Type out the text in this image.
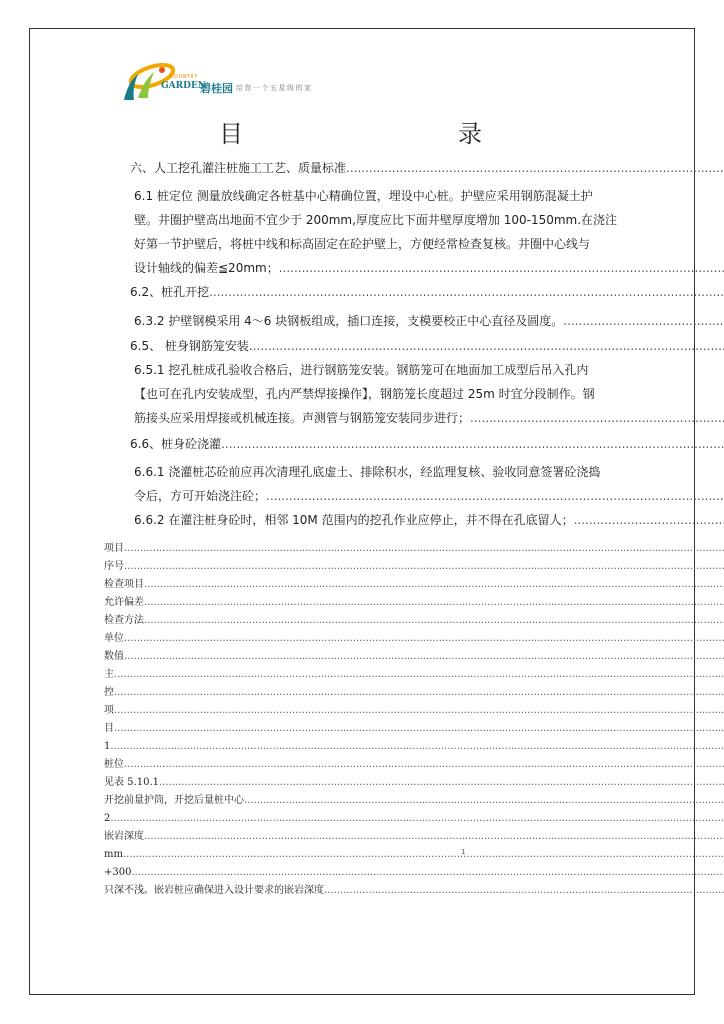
COUNTRY
GARDEN
碧桂园 给您一个五星级的家
目	录
六、人工挖孔灌注桩施工工艺、质量标准
.....
6.1 桩定位 测量放线确定各桩基中心精确位置，埋设中心桩。护壁应采用钢筋混凝土护
壁。井圈护壁高出地面不宜少于 200mm,厚度应比下面井壁厚度增加 100-150mm.在浇注
好第一节护壁后，将桩中线和标高固定在砼护壁上，方便经常检查复核。井圈中心线与
设计轴线的偏差≦20mm；
.....
6.2、桩孔开挖
.....
6.3.2 护壁钢模采用 4～6 块钢板组成，插口连接，支模要校正中心直径及圆度。
.....
6.5、 桩身钢筋笼安装
.....
6.5.1 挖孔桩成孔验收合格后，进行钢筋笼安装。钢筋笼可在地面加工成型后吊入孔内
【也可在孔内安装成型，孔内严禁焊接操作】，钢筋笼长度超过 25m 时宜分段制作。钢
筋接头应采用焊接或机械连接。声测管与钢筋笼安装同步进行；
.....
6.6、桩身砼浇灌
.....
6.6.1 浇灌桩芯砼前应再次清理孔底虚土、排除积水，经监理复核、验收同意签署砼浇捣
令后，方可开始浇注砼；
.....
6.6.2 在灌注桩身砼时，相邻 10M 范围内的挖孔作业应停止，并不得在孔底留人；
.....
项目
.....
序号
.....
检查项目
.....
允许偏差
.....
检查方法
.....
单位
.....
数值
.....
主
.....
控
.....
项
.....
目
.....
1
.....
桩位
.....
见表 5.10.1
.....
开挖前量护筒，开挖后量桩中心
.....
2
.....
嵌岩深度
.....
mm
.....
+300
.....
只深不浅。嵌岩桩应确保进入设计要求的嵌岩深度
.....
1
